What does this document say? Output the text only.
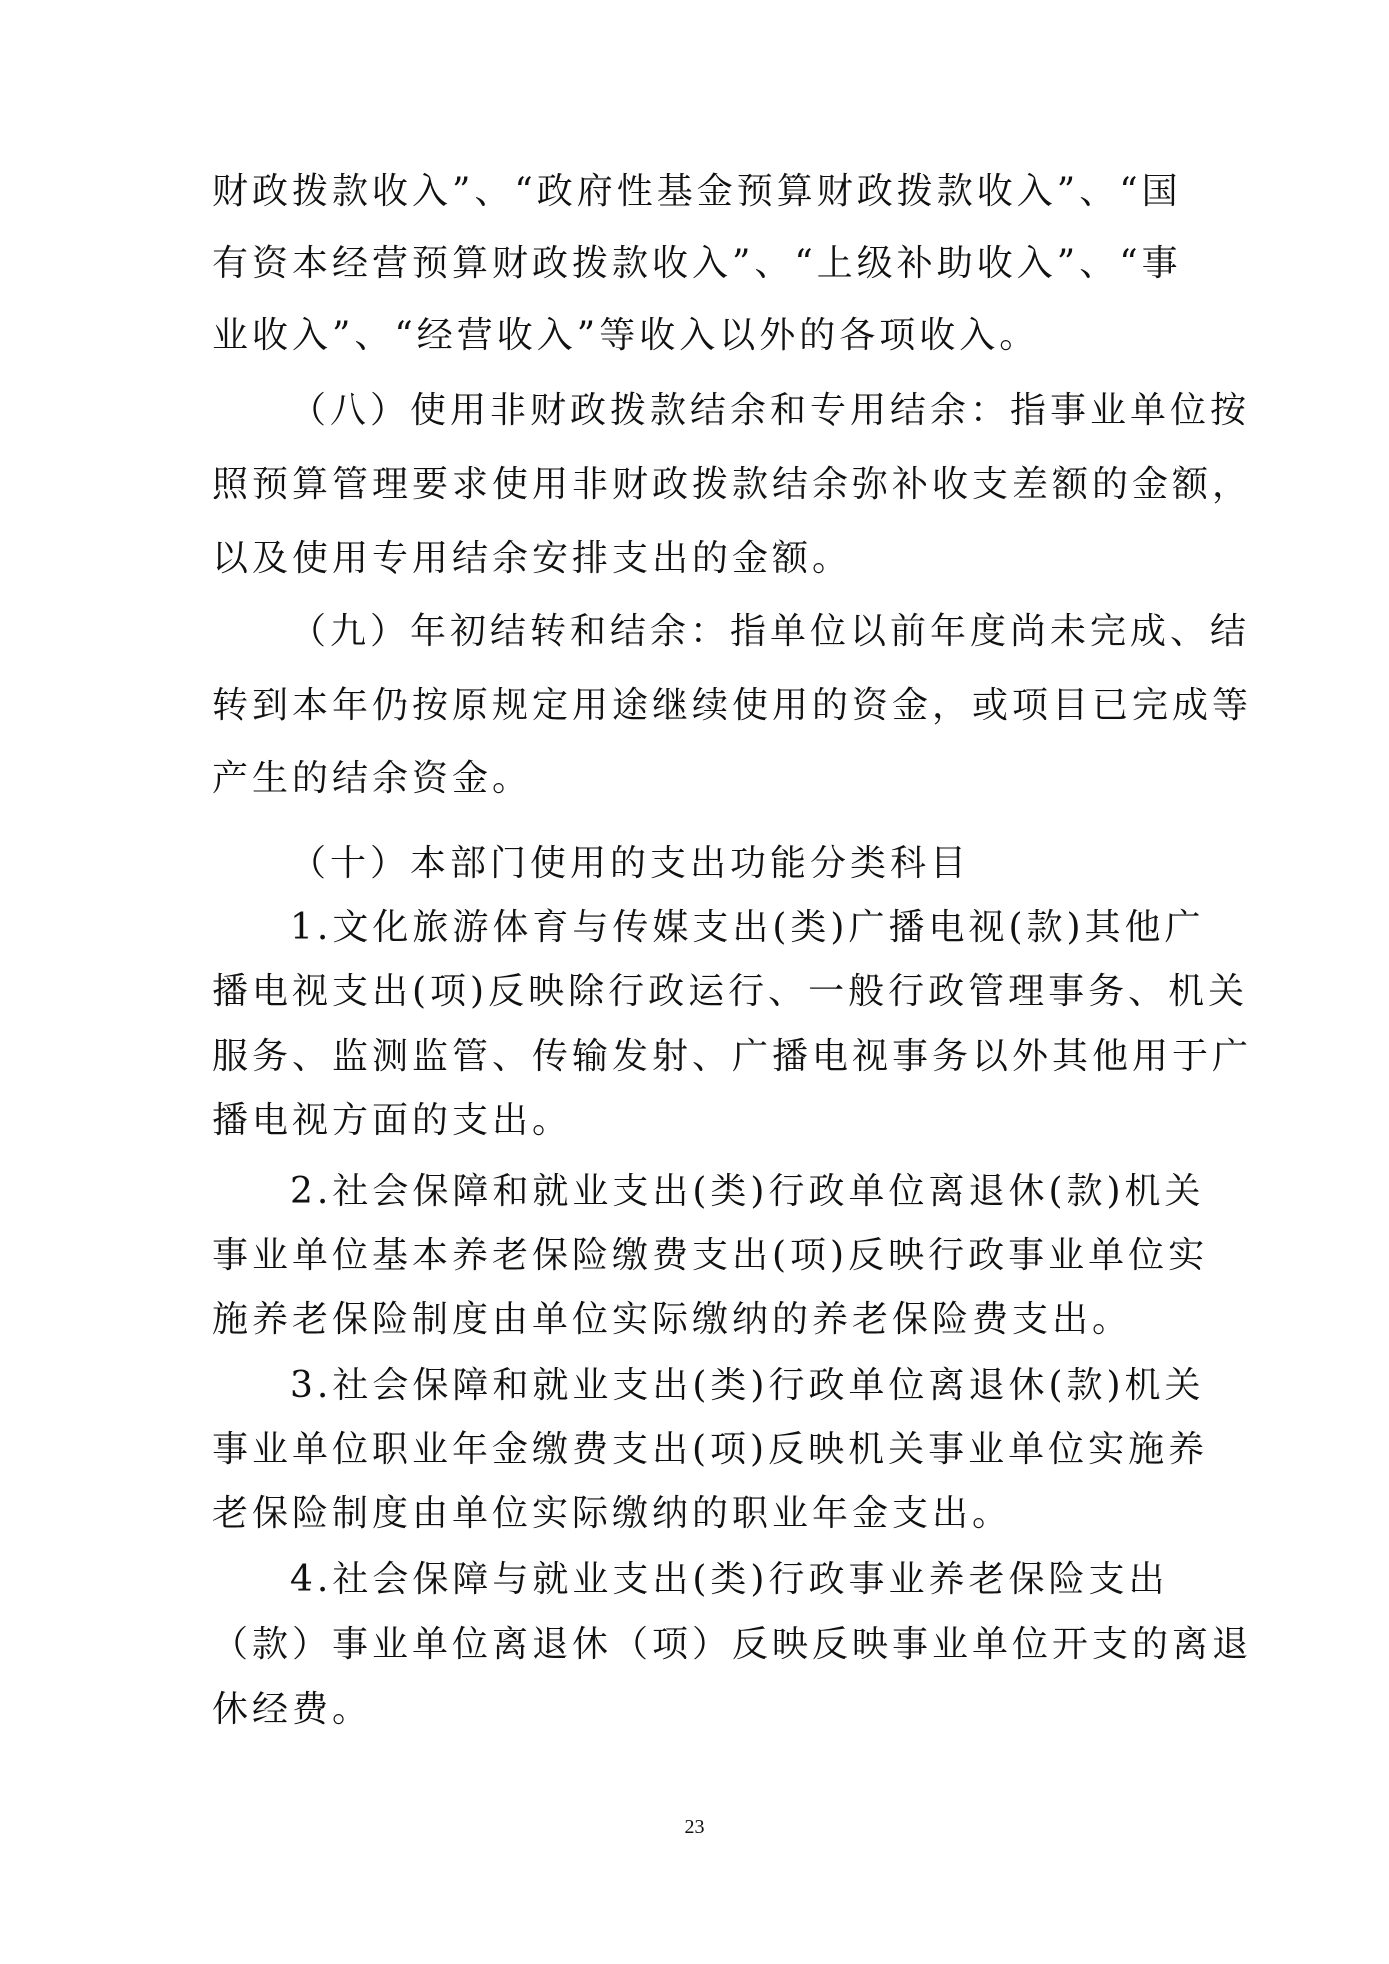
财政拨款收入”、“政府性基金预算财政拨款收入”、“国
有资本经营预算财政拨款收入”、“上级补助收入”、“事
业收入”、“经营收入”等收入以外的各项收入。
（八）使用非财政拨款结余和专用结余：指事业单位按
照预算管理要求使用非财政拨款结余弥补收支差额的金额，
以及使用专用结余安排支出的金额。
（九）年初结转和结余：指单位以前年度尚未完成、结
转到本年仍按原规定用途继续使用的资金，或项目已完成等
产生的结余资金。
（十）本部门使用的支出功能分类科目
1.文化旅游体育与传媒支出(类)广播电视(款)其他广
播电视支出(项)反映除行政运行、一般行政管理事务、机关
服务、监测监管、传输发射、广播电视事务以外其他用于广
播电视方面的支出。
2.社会保障和就业支出(类)行政单位离退休(款)机关
事业单位基本养老保险缴费支出(项)反映行政事业单位实
施养老保险制度由单位实际缴纳的养老保险费支出。
3.社会保障和就业支出(类)行政单位离退休(款)机关
事业单位职业年金缴费支出(项)反映机关事业单位实施养
老保险制度由单位实际缴纳的职业年金支出。
4.社会保障与就业支出(类)行政事业养老保险支出
（款）事业单位离退休（项）反映反映事业单位开支的离退
休经费。
23
